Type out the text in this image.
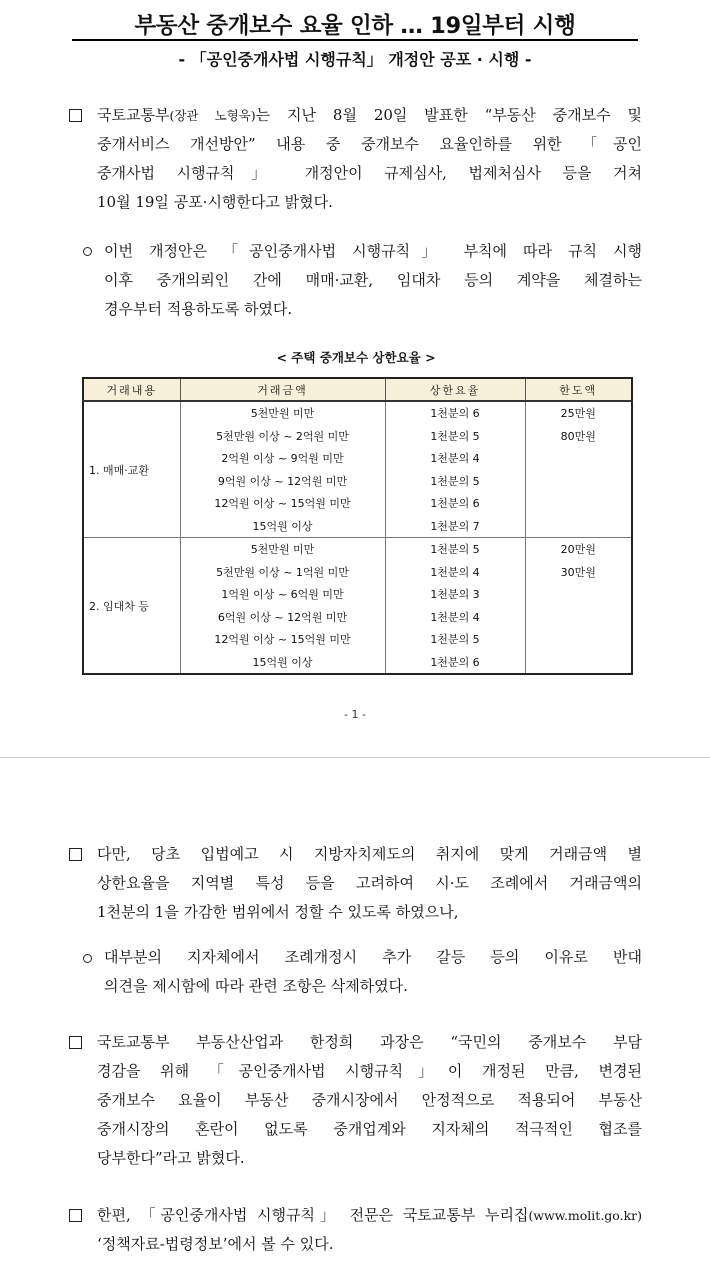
부동산 중개보수 요율 인하 … 19일부터 시행
- 「공인중개사법 시행규칙」 개정안 공포 · 시행 -
국토교통부(장관 노형욱)는 지난 8월 20일 발표한 “부동산 중개보수 및
중개서비스 개선방안” 내용 중 중개보수 요율인하를 위한 「공인
중개사법 시행규칙」 개정안이 규제심사, 법제처심사 등을 거쳐
10월 19일 공포·시행한다고 밝혔다.
이번 개정안은 「공인중개사법 시행규칙」 부칙에 따라 규칙 시행
이후 중개의뢰인 간에 매매·교환, 임대차 등의 계약을 체결하는
경우부터 적용하도록 하였다.
< 주택 중개보수 상한요율 >
거래내용	거래금액	상한요율	한도액
1. 매매·교환	5천만원 미만	1천분의 6	25만원
	5천만원 이상 ~ 2억원 미만	1천분의 5	80만원
	2억원 이상 ~ 9억원 미만	1천분의 4	
	9억원 이상 ~ 12억원 미만	1천분의 5	
	12억원 이상 ~ 15억원 미만	1천분의 6	
	15억원 이상	1천분의 7	
2. 임대차 등	5천만원 미만	1천분의 5	20만원
	5천만원 이상 ~ 1억원 미만	1천분의 4	30만원
	1억원 이상 ~ 6억원 미만	1천분의 3	
	6억원 이상 ~ 12억원 미만	1천분의 4	
	12억원 이상 ~ 15억원 미만	1천분의 5	
	15억원 이상	1천분의 6	
- 1 -
다만, 당초 입법예고 시 지방자치제도의 취지에 맞게 거래금액 별
상한요율을 지역별 특성 등을 고려하여 시·도 조례에서 거래금액의
1천분의 1을 가감한 범위에서 정할 수 있도록 하였으나,
대부분의 지자체에서 조례개정시 추가 갈등 등의 이유로 반대
의견을 제시함에 따라 관련 조항은 삭제하였다.
국토교통부 부동산산업과 한정희 과장은 “국민의 중개보수 부담
경감을 위해 「공인중개사법 시행규칙」이 개정된 만큼, 변경된
중개보수 요율이 부동산 중개시장에서 안정적으로 적용되어 부동산
중개시장의 혼란이 없도록 중개업계와 지자체의 적극적인 협조를
당부한다”라고 밝혔다.
한편, 「공인중개사법 시행규칙」 전문은 국토교통부 누리집(www.molit.go.kr)
‘정책자료-법령정보’에서 볼 수 있다.
